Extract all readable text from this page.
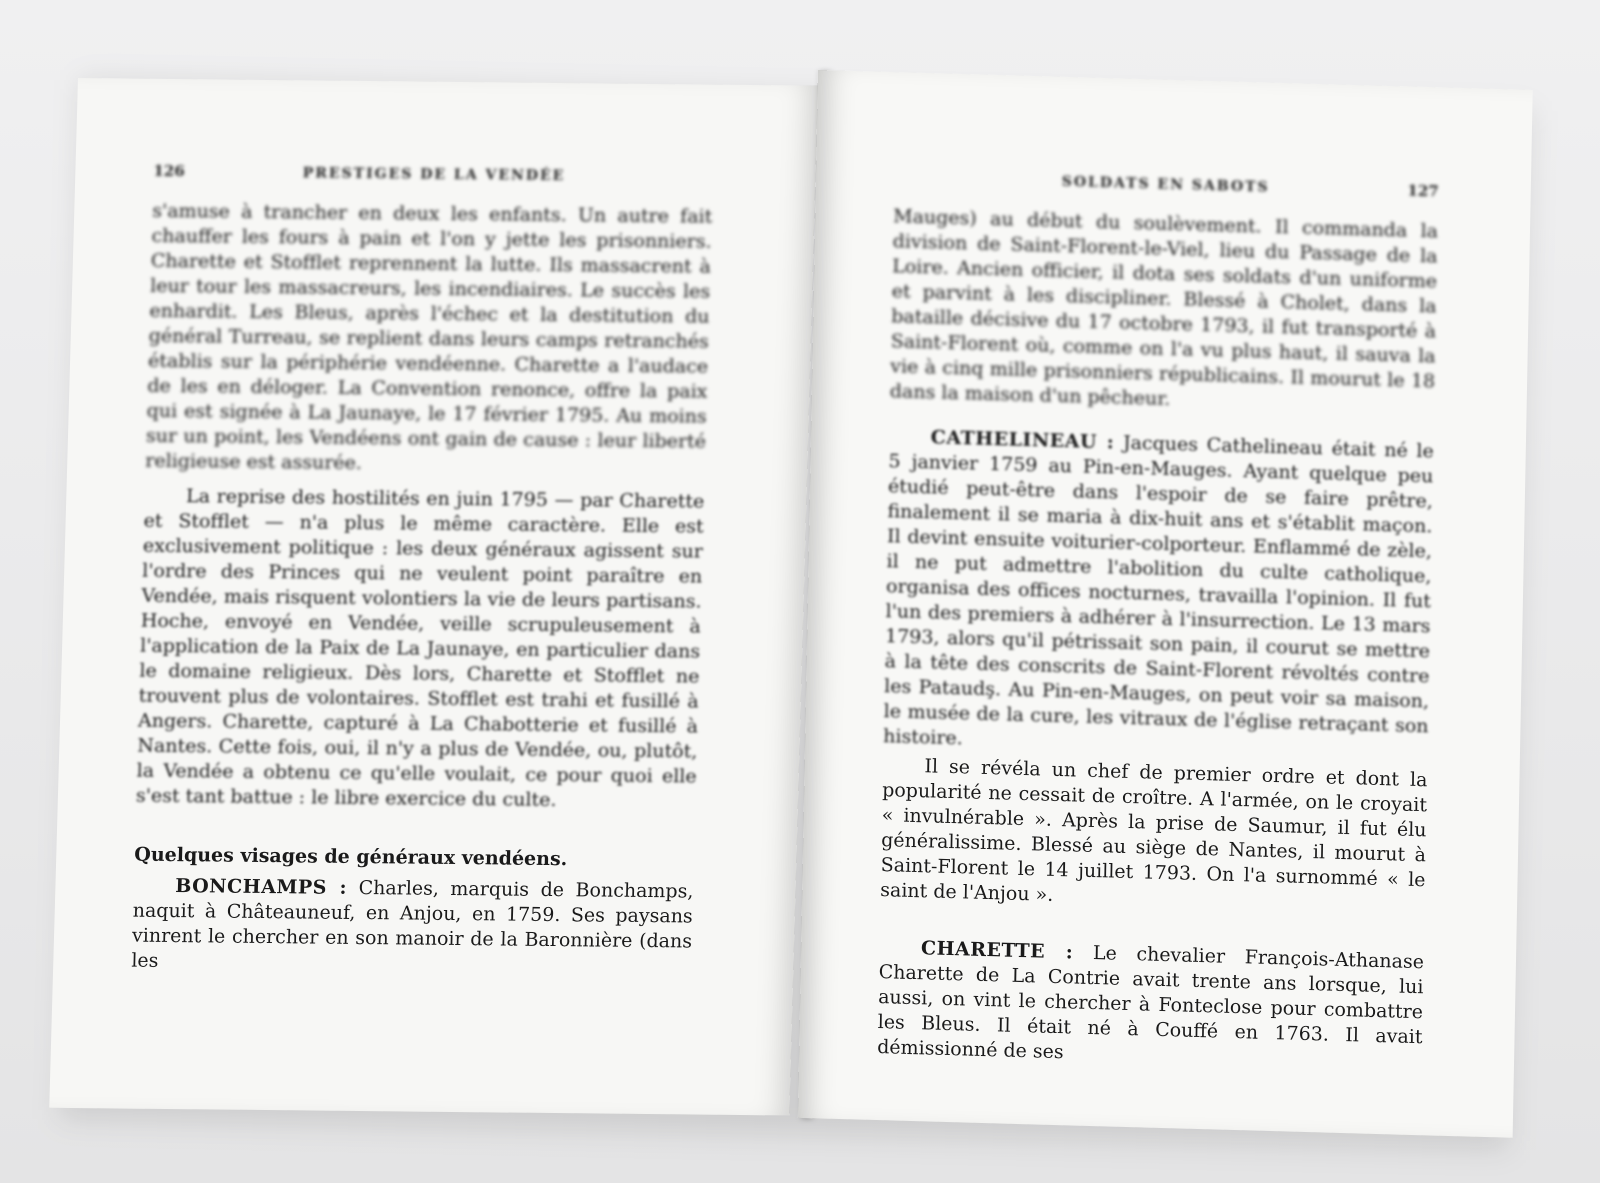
126	PRESTIGES DE LA VENDÉE

s'amuse à trancher en deux les enfants. Un autre fait chauffer les fours à pain et l'on y jette les prisonniers. Charette et Stofflet reprennent la lutte. Ils massacrent à leur tour les massacreurs, les incendiaires. Le succès les enhardit. Les Bleus, après l'échec et la destitution du général Turreau, se replient dans leurs camps retranchés établis sur la périphérie vendéenne. Charette a l'audace de les en déloger. La Convention renonce, offre la paix qui est signée à La Jaunaye, le 17 février 1795. Au moins sur un point, les Vendéens ont gain de cause : leur liberté religieuse est assurée.

La reprise des hostilités en juin 1795 — par Charette et Stofflet — n'a plus le même caractère. Elle est exclusivement politique : les deux généraux agissent sur l'ordre des Princes qui ne veulent point paraître en Vendée, mais risquent volontiers la vie de leurs partisans. Hoche, envoyé en Vendée, veille scrupuleusement à l'application de la Paix de La Jaunaye, en particulier dans le domaine religieux. Dès lors, Charette et Stofflet ne trouvent plus de volontaires. Stofflet est trahi et fusillé à Angers. Charette, capturé à La Chabotterie et fusillé à Nantes. Cette fois, oui, il n'y a plus de Vendée, ou, plutôt, la Vendée a obtenu ce qu'elle voulait, ce pour quoi elle s'est tant battue : le libre exercice du culte.

Quelques visages de généraux vendéens.

BONCHAMPS : Charles, marquis de Bonchamps, naquit à Châteauneuf, en Anjou, en 1759. Ses paysans vinrent le chercher en son manoir de la Baronnière (dans les

SOLDATS EN SABOTS	127

Mauges) au début du soulèvement. Il commanda la division de Saint-Florent-le-Viel, lieu du Passage de la Loire. Ancien officier, il dota ses soldats d'un uniforme et parvint à les discipliner. Blessé à Cholet, dans la bataille décisive du 17 octobre 1793, il fut transporté à Saint-Florent où, comme on l'a vu plus haut, il sauva la vie à cinq mille prisonniers républicains. Il mourut le 18 dans la maison d'un pêcheur.

CATHELINEAU : Jacques Cathelineau était né le 5 janvier 1759 au Pin-en-Mauges. Ayant quelque peu étudié peut-être dans l'espoir de se faire prêtre, finalement il se maria à dix-huit ans et s'établit maçon. Il devint ensuite voiturier-colporteur. Enflammé de zèle, il ne put admettre l'abolition du culte catholique, organisa des offices nocturnes, travailla l'opinion. Il fut l'un des premiers à adhérer à l'insurrection. Le 13 mars 1793, alors qu'il pétrissait son pain, il courut se mettre à la tête des conscrits de Saint-Florent révoltés contre les Pataudş. Au Pin-en-Mauges, on peut voir sa maison, le musée de la cure, les vitraux de l'église retraçant son histoire.

Il se révéla un chef de premier ordre et dont la popularité ne cessait de croître. A l'armée, on le croyait « invulnérable ». Après la prise de Saumur, il fut élu généralissime. Blessé au siège de Nantes, il mourut à Saint-Florent le 14 juillet 1793. On l'a surnommé « le saint de l'Anjou ».

CHARETTE : Le chevalier François-Athanase Charette de La Contrie avait trente ans lorsque, lui aussi, on vint le chercher à Fonteclose pour combattre les Bleus. Il était né à Couffé en 1763. Il avait démissionné de ses
